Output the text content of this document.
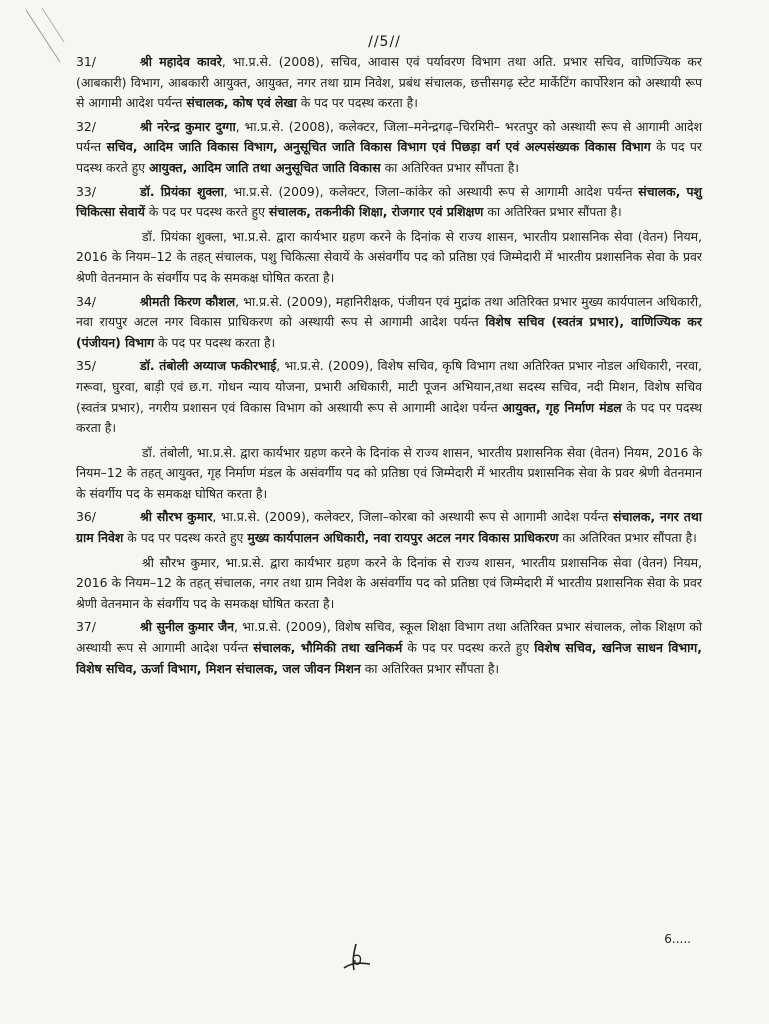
//5//

31/	श्री महादेव कावरे, भा.प्र.से. (2008), सचिव, आवास एवं पर्यावरण विभाग तथा अति. प्रभार सचिव, वाणिज्यिक कर (आबकारी) विभाग, आबकारी आयुक्त, आयुक्त, नगर तथा ग्राम निवेश, प्रबंध संचालक, छत्तीसगढ़ स्टेट मार्केटिंग कार्पोरेशन को अस्थायी रूप से आगामी आदेश पर्यन्त संचालक, कोष एवं लेखा के पद पर पदस्थ करता है।

32/	श्री नरेन्द्र कुमार दुग्गा, भा.प्र.से. (2008), कलेक्टर, जिला–मनेन्द्रगढ़–चिरमिरी– भरतपुर को अस्थायी रूप से आगामी आदेश पर्यन्त सचिव, आदिम जाति विकास विभाग, अनुसूचित जाति विकास विभाग एवं पिछड़ा वर्ग एवं अल्पसंख्यक विकास विभाग के पद पर पदस्थ करते हुए आयुक्त, आदिम जाति तथा अनुसूचित जाति विकास का अतिरिक्त प्रभार सौंपता है।

33/	डॉ. प्रियंका शुक्ला, भा.प्र.से. (2009), कलेक्टर, जिला–कांकेर को अस्थायी रूप से आगामी आदेश पर्यन्त संचालक, पशु चिकित्सा सेवायें के पद पर पदस्थ करते हुए संचालक, तकनीकी शिक्षा, रोजगार एवं प्रशिक्षण का अतिरिक्त प्रभार सौंपता है।

डॉ. प्रियंका शुक्ला, भा.प्र.से. द्वारा कार्यभार ग्रहण करने के दिनांक से राज्य शासन, भारतीय प्रशासनिक सेवा (वेतन) नियम, 2016 के नियम–12 के तहत् संचालक, पशु चिकित्सा सेवायें के असंवर्गीय पद को प्रतिष्ठा एवं जिम्मेदारी में भारतीय प्रशासनिक सेवा के प्रवर श्रेणी वेतनमान के संवर्गीय पद के समकक्ष घोषित करता है।

34/	श्रीमती किरण कौशल, भा.प्र.से. (2009), महानिरीक्षक, पंजीयन एवं मुद्रांक तथा अतिरिक्त प्रभार मुख्य कार्यपालन अधिकारी, नवा रायपुर अटल नगर विकास प्राधिकरण को अस्थायी रूप से आगामी आदेश पर्यन्त विशेष सचिव (स्वतंत्र प्रभार), वाणिज्यिक कर (पंजीयन) विभाग के पद पर पदस्थ करता है।

35/	डॉ. तंबोली अय्याज फकीरभाई, भा.प्र.से. (2009), विशेष सचिव, कृषि विभाग तथा अतिरिक्त प्रभार नोडल अधिकारी, नरवा, गरूवा, घुरवा, बाड़ी एवं छ.ग. गोधन न्याय योजना, प्रभारी अधिकारी, माटी पूजन अभियान,तथा सदस्य सचिव, नदी मिशन, विशेष सचिव (स्वतंत्र प्रभार), नगरीय प्रशासन एवं विकास विभाग को अस्थायी रूप से आगामी आदेश पर्यन्त आयुक्त, गृह निर्माण मंडल के पद पर पदस्थ करता है।

डॉ. तंबोली, भा.प्र.से. द्वारा कार्यभार ग्रहण करने के दिनांक से राज्य शासन, भारतीय प्रशासनिक सेवा (वेतन) नियम, 2016 के नियम–12 के तहत् आयुक्त, गृह निर्माण मंडल के असंवर्गीय पद को प्रतिष्ठा एवं जिम्मेदारी में भारतीय प्रशासनिक सेवा के प्रवर श्रेणी वेतनमान के संवर्गीय पद के समकक्ष घोषित करता है।

36/	श्री सौरभ कुमार, भा.प्र.से. (2009), कलेक्टर, जिला–कोरबा को अस्थायी रूप से आगामी आदेश पर्यन्त संचालक, नगर तथा ग्राम निवेश के पद पर पदस्थ करते हुए मुख्य कार्यपालन अधिकारी, नवा रायपुर अटल नगर विकास प्राधिकरण का अतिरिक्त प्रभार सौंपता है।

श्री सौरभ कुमार, भा.प्र.से. द्वारा कार्यभार ग्रहण करने के दिनांक से राज्य शासन, भारतीय प्रशासनिक सेवा (वेतन) नियम, 2016 के नियम–12 के तहत् संचालक, नगर तथा ग्राम निवेश के असंवर्गीय पद को प्रतिष्ठा एवं जिम्मेदारी में भारतीय प्रशासनिक सेवा के प्रवर श्रेणी वेतनमान के संवर्गीय पद के समकक्ष घोषित करता है।

37/	श्री सुनील कुमार जैन, भा.प्र.से. (2009), विशेष सचिव, स्कूल शिक्षा विभाग तथा अतिरिक्त प्रभार संचालक, लोक शिक्षण को अस्थायी रूप से आगामी आदेश पर्यन्त संचालक, भौमिकी तथा खनिकर्म के पद पर पदस्थ करते हुए विशेष सचिव, खनिज साधन विभाग, विशेष सचिव, ऊर्जा विभाग, मिशन संचालक, जल जीवन मिशन का अतिरिक्त प्रभार सौंपता है।

6.....
